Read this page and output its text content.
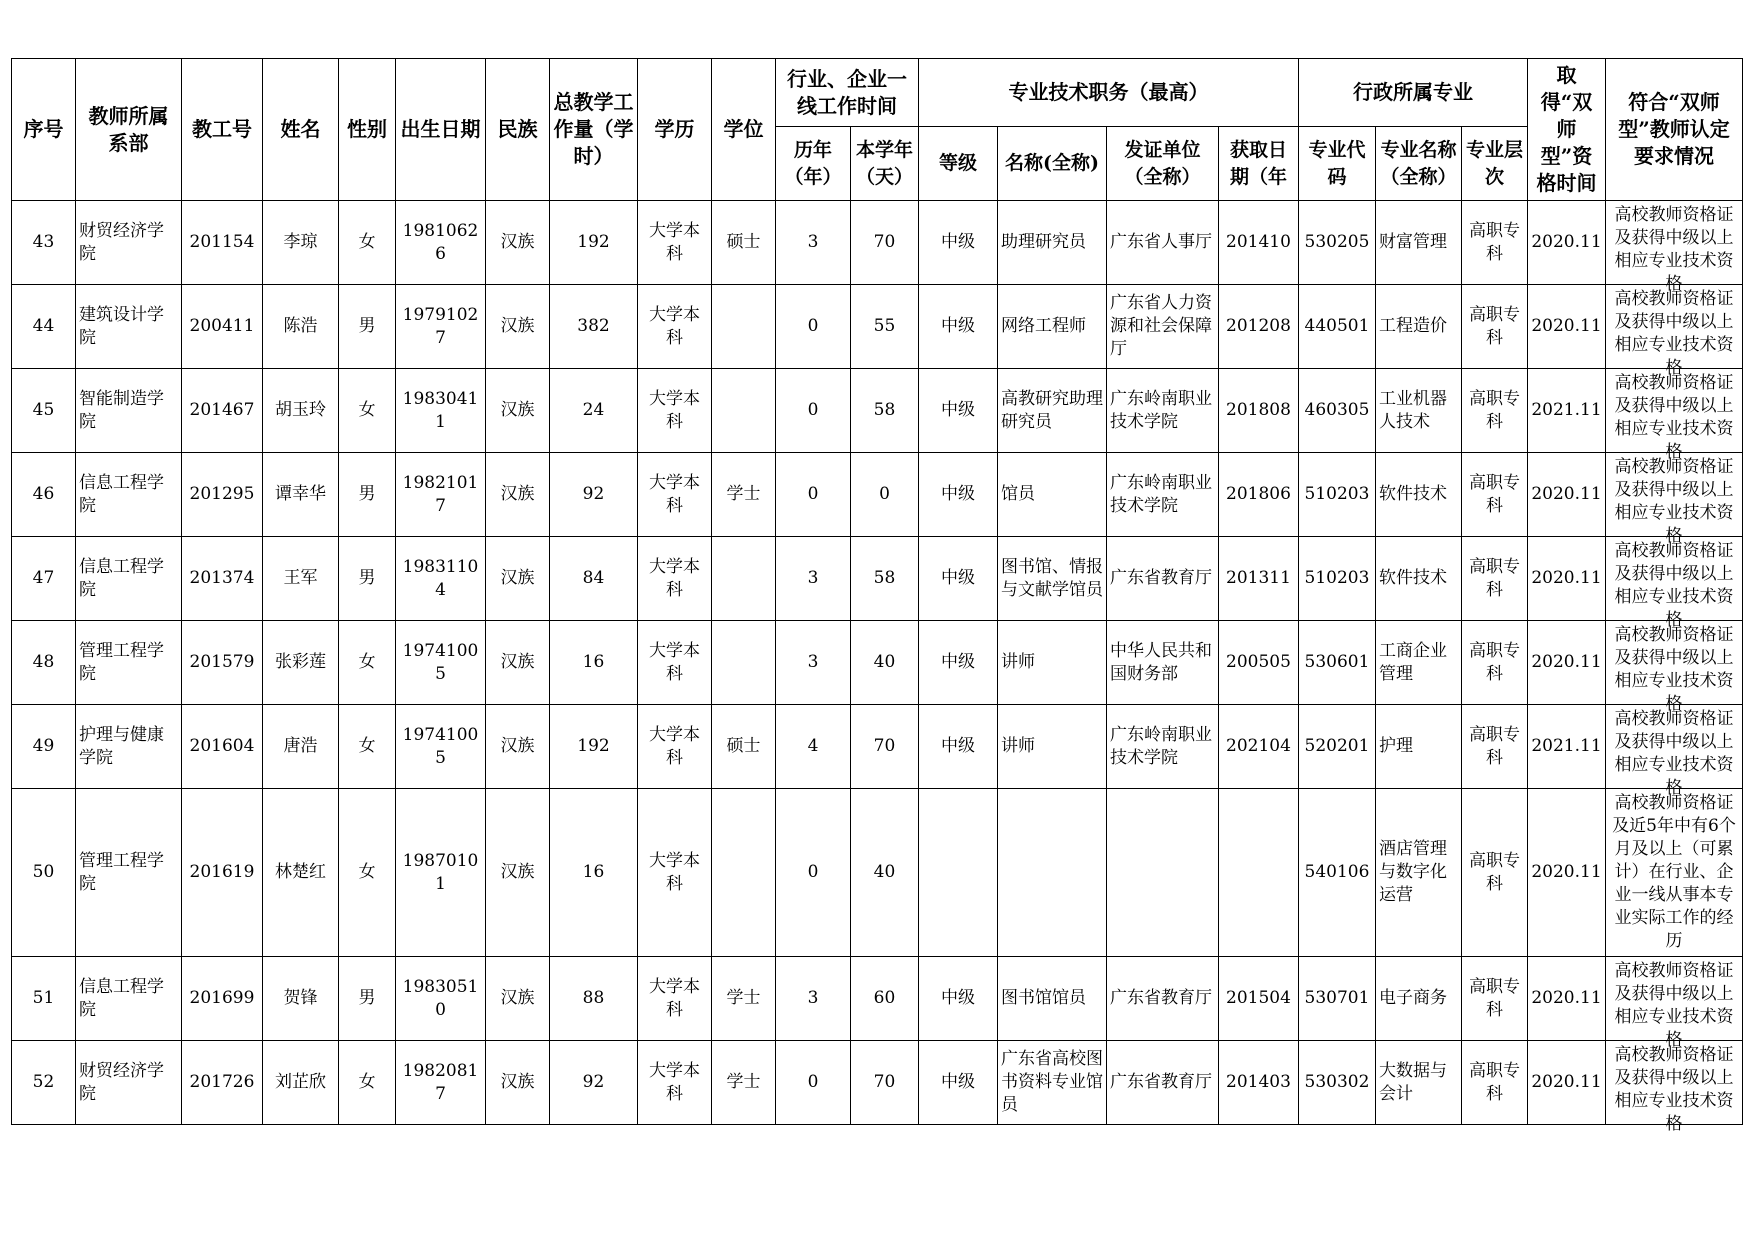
序号	教师所属系部	教工号	姓名	性别	出生日期	民族	总教学工作量（学时）	学历	学位	行业、企业一线工作时间		专业技术职务（最高）				行政所属专业			取得“双师型”资格时间	符合“双师型”教师认定要求情况

										历年（年）	本学年（天）	等级	名称(全称)	发证单位（全称）	获取日期（年	专业代码	专业名称（全称）	专业层次		

43	财贸经济学院	201154	李琼	女	19810626	汉族	192	大学本科	硕士	3	70	中级	助理研究员	广东省人事厅	201410	530205	财富管理	高职专科	2020.11	高校教师资格证及获得中级以上相应专业技术资格

44	建筑设计学院	200411	陈浩	男	19791027	汉族	382	大学本科		0	55	中级	网络工程师	广东省人力资源和社会保障厅	201208	440501	工程造价	高职专科	2020.11	高校教师资格证及获得中级以上相应专业技术资格

45	智能制造学院	201467	胡玉玲	女	19830411	汉族	24	大学本科		0	58	中级	高教研究助理研究员	广东岭南职业技术学院	201808	460305	工业机器人技术	高职专科	2021.11	高校教师资格证及获得中级以上相应专业技术资格

46	信息工程学院	201295	谭幸华	男	19821017	汉族	92	大学本科	学士	0	0	中级	馆员	广东岭南职业技术学院	201806	510203	软件技术	高职专科	2020.11	高校教师资格证及获得中级以上相应专业技术资格

47	信息工程学院	201374	王军	男	19831104	汉族	84	大学本科		3	58	中级	图书馆、情报与文献学馆员	广东省教育厅	201311	510203	软件技术	高职专科	2020.11	高校教师资格证及获得中级以上相应专业技术资格

48	管理工程学院	201579	张彩莲	女	19741005	汉族	16	大学本科		3	40	中级	讲师	中华人民共和国财务部	200505	530601	工商企业管理	高职专科	2020.11	高校教师资格证及获得中级以上相应专业技术资格

49	护理与健康学院	201604	唐浩	女	19741005	汉族	192	大学本科	硕士	4	70	中级	讲师	广东岭南职业技术学院	202104	520201	护理	高职专科	2021.11	高校教师资格证及获得中级以上相应专业技术资格

50	管理工程学院	201619	林楚红	女	19870101	汉族	16	大学本科		0	40					540106	酒店管理与数字化运营	高职专科	2020.11	高校教师资格证及近5年中有6个月及以上（可累计）在行业、企业一线从事本专业实际工作的经历

51	信息工程学院	201699	贺锋	男	19830510	汉族	88	大学本科	学士	3	60	中级	图书馆馆员	广东省教育厅	201504	530701	电子商务	高职专科	2020.11	高校教师资格证及获得中级以上相应专业技术资格

52	财贸经济学院	201726	刘芷欣	女	19820817	汉族	92	大学本科	学士	0	70	中级	广东省高校图书资料专业馆员	广东省教育厅	201403	530302	大数据与会计	高职专科	2020.11	高校教师资格证及获得中级以上相应专业技术资格
